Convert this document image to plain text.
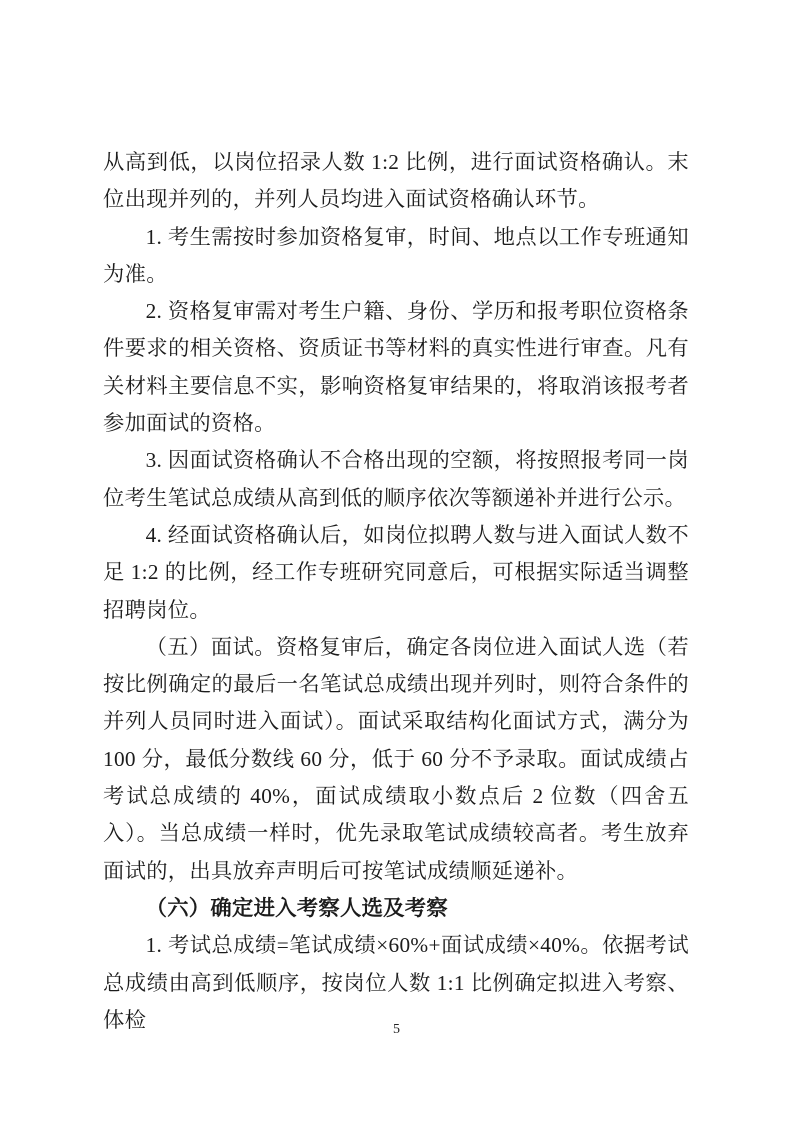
从高到低，以岗位招录人数 1:2 比例，进行面试资格确认。末位出现并列的，并列人员均进入面试资格确认环节。

1. 考生需按时参加资格复审，时间、地点以工作专班通知为准。

2. 资格复审需对考生户籍、身份、学历和报考职位资格条件要求的相关资格、资质证书等材料的真实性进行审查。凡有关材料主要信息不实，影响资格复审结果的，将取消该报考者参加面试的资格。

3. 因面试资格确认不合格出现的空额，将按照报考同一岗位考生笔试总成绩从高到低的顺序依次等额递补并进行公示。

4. 经面试资格确认后，如岗位拟聘人数与进入面试人数不足 1:2 的比例，经工作专班研究同意后，可根据实际适当调整招聘岗位。

（五）面试。资格复审后，确定各岗位进入面试人选（若按比例确定的最后一名笔试总成绩出现并列时，则符合条件的并列人员同时进入面试）。面试采取结构化面试方式，满分为 100 分，最低分数线 60 分，低于 60 分不予录取。面试成绩占考试总成绩的 40%，面试成绩取小数点后 2 位数（四舍五入）。当总成绩一样时，优先录取笔试成绩较高者。考生放弃面试的，出具放弃声明后可按笔试成绩顺延递补。

（六）确定进入考察人选及考察

1. 考试总成绩=笔试成绩×60%+面试成绩×40%。依据考试总成绩由高到低顺序，按岗位人数 1:1 比例确定拟进入考察、体检	5
